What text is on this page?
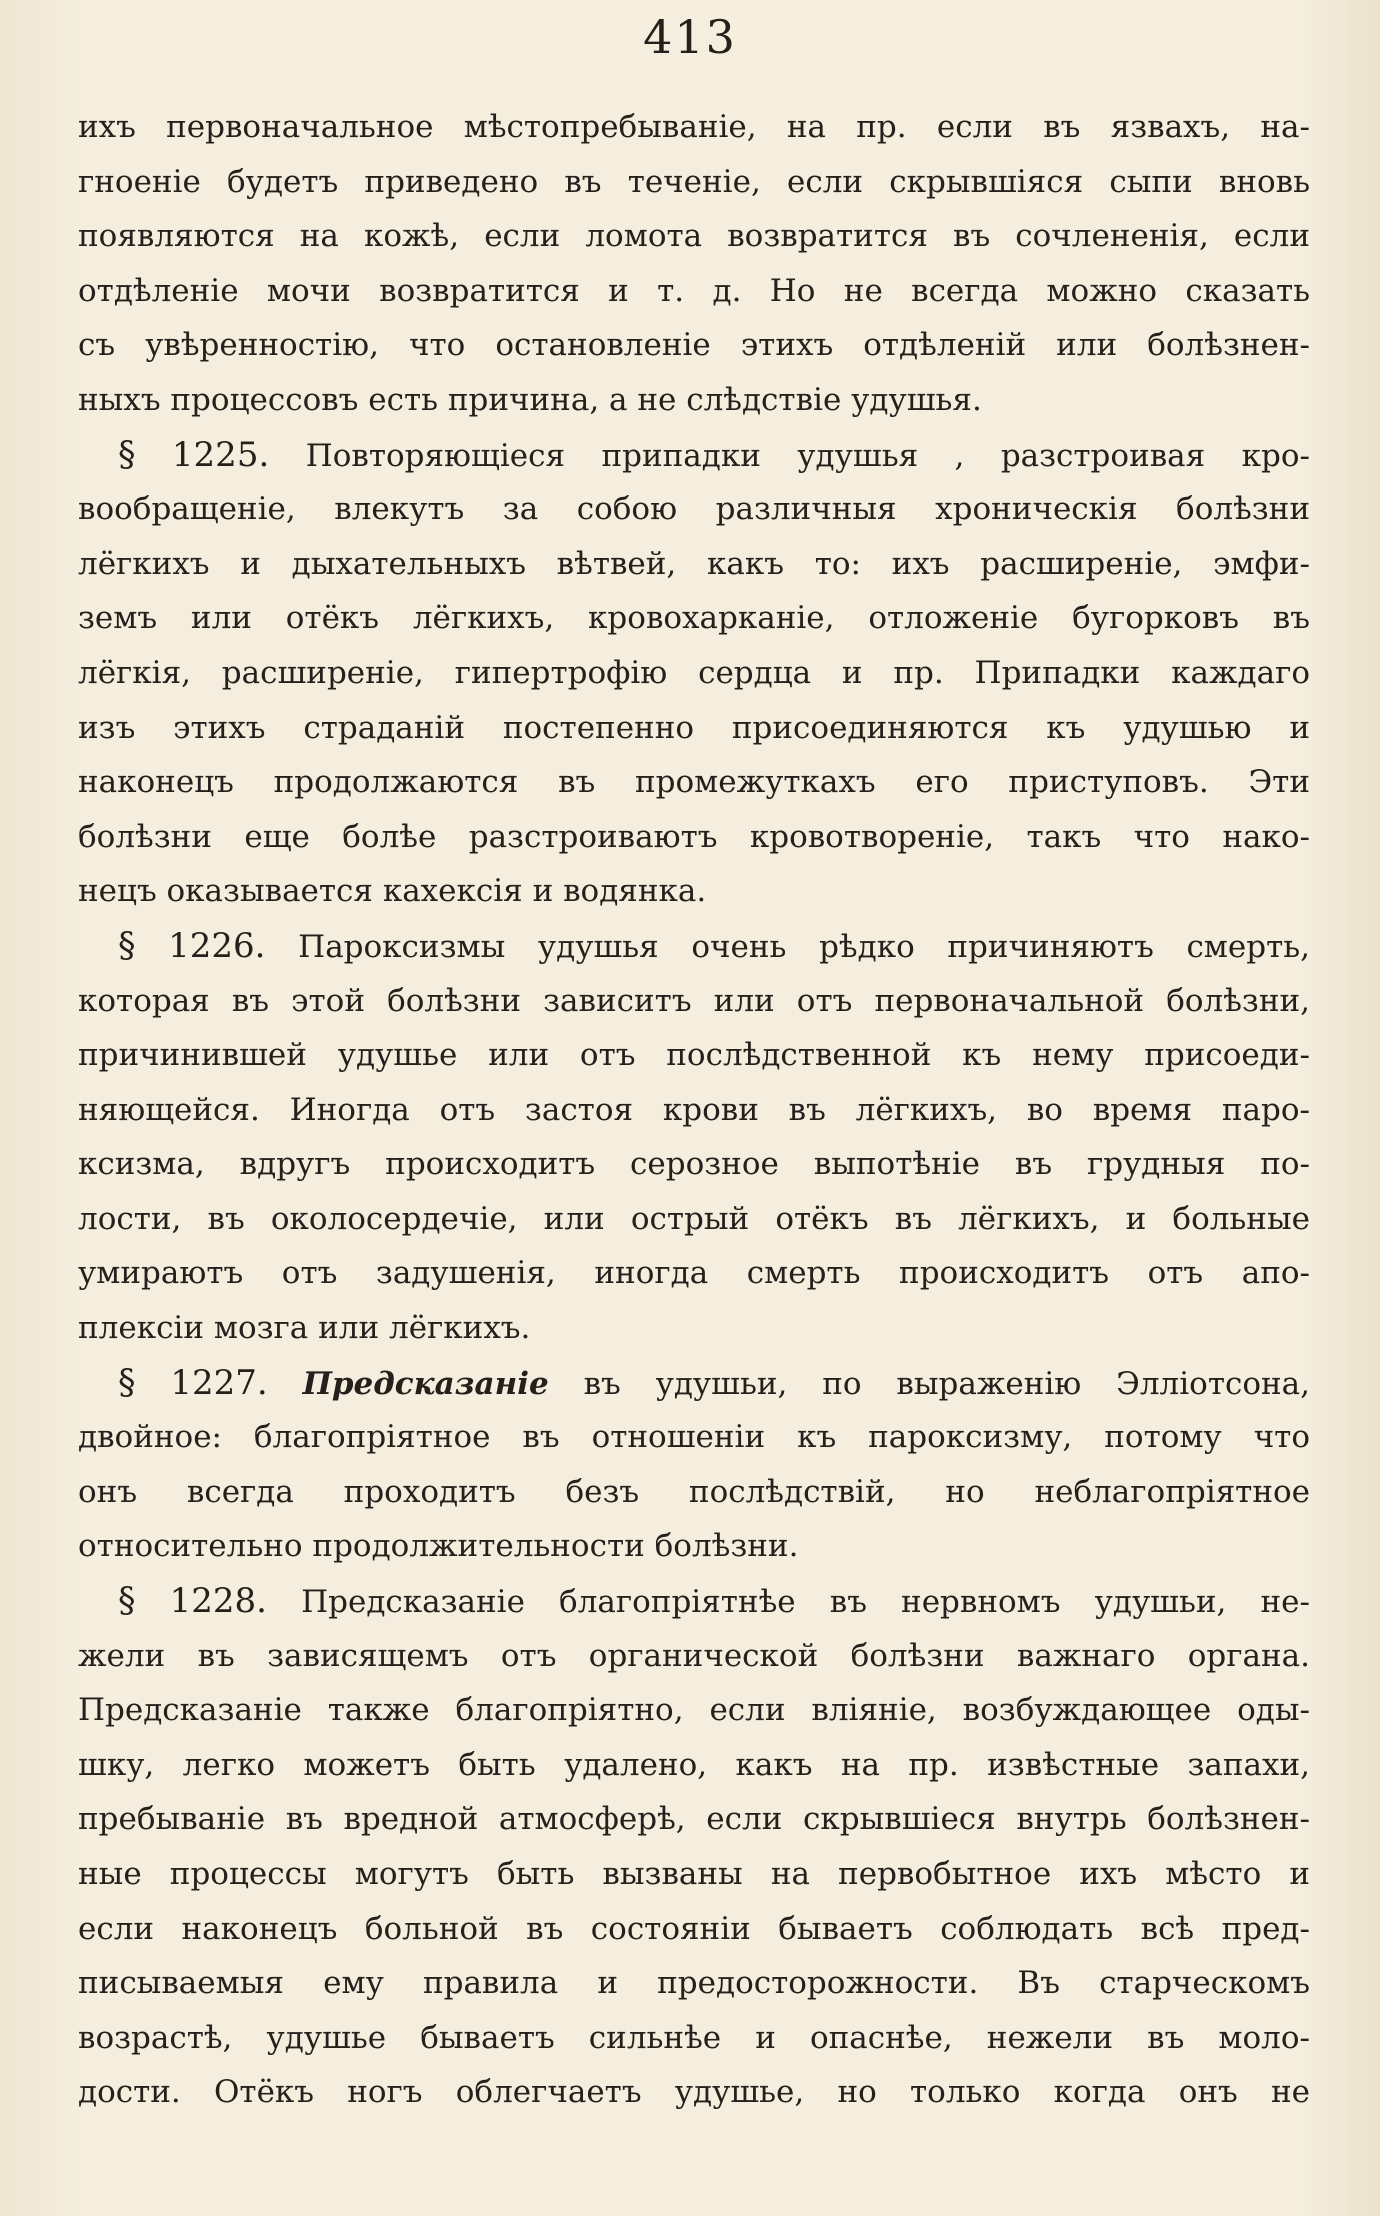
413
ихъ первоначальное мѣстопребываніе, на пр. если въ язвахъ, на-
гноеніе будетъ приведено въ теченіе, если скрывшіяся сыпи вновь
появляются на кожѣ, если ломота возвратится въ сочлененія, если
отдѣленіе мочи возвратится и т. д. Но не всегда можно сказать
съ увѣренностію, что остановленіе этихъ отдѣленій или болѣзнен-
ныхъ процессовъ есть причина, а не слѣдствіе удушья.
§ 1225. Повторяющіеся припадки удушья , разстроивая кро-
вообращеніе, влекутъ за собою различныя хроническія болѣзни
лёгкихъ и дыхательныхъ вѣтвей, какъ то: ихъ расширеніе, эмфи-
земъ или отёкъ лёгкихъ, кровохарканіе, отложеніе бугорковъ въ
лёгкія, расширеніе, гипертрофію сердца и пр. Припадки каждаго
изъ этихъ страданій постепенно присоединяются къ удушью и
наконецъ продолжаются въ промежуткахъ его приступовъ. Эти
болѣзни еще болѣе разстроиваютъ кровотвореніе, такъ что нако-
нецъ оказывается кахексія и водянка.
§ 1226. Пароксизмы удушья очень рѣдко причиняютъ смерть,
которая въ этой болѣзни зависитъ или отъ первоначальной болѣзни,
причинившей удушье или отъ послѣдственной къ нему присоеди-
няющейся. Иногда отъ застоя крови въ лёгкихъ, во время паро-
ксизма, вдругъ происходитъ серозное выпотѣніе въ грудныя по-
лости, въ околосердечіе, или острый отёкъ въ лёгкихъ, и больные
умираютъ отъ задушенія, иногда смерть происходитъ отъ апо-
плексіи мозга или лёгкихъ.
§ 1227. Предсказаніе въ удушьи, по выраженію Эллiотсона,
двойное: благопріятное въ отношеніи къ пароксизму, потому что
онъ всегда проходитъ безъ послѣдствій, но неблагопріятное
относительно продолжительности болѣзни.
§ 1228. Предсказаніе благопріятнѣе въ нервномъ удушьи, не-
жели въ зависящемъ отъ органической болѣзни важнаго органа.
Предсказаніе также благопріятно, если вліяніе, возбуждающее оды-
шку, легко можетъ быть удалено, какъ на пр. извѣстные запахи,
пребываніе въ вредной атмосферѣ, если скрывшіеся внутрь болѣзнен-
ные процессы могутъ быть вызваны на первобытное ихъ мѣсто и
если наконецъ больной въ состояніи бываетъ соблюдать всѣ пред-
писываемыя ему правила и предосторожности. Въ старческомъ
возрастѣ, удушье бываетъ сильнѣе и опаснѣе, нежели въ моло-
дости. Отёкъ ногъ облегчаетъ удушье, но только когда онъ не
